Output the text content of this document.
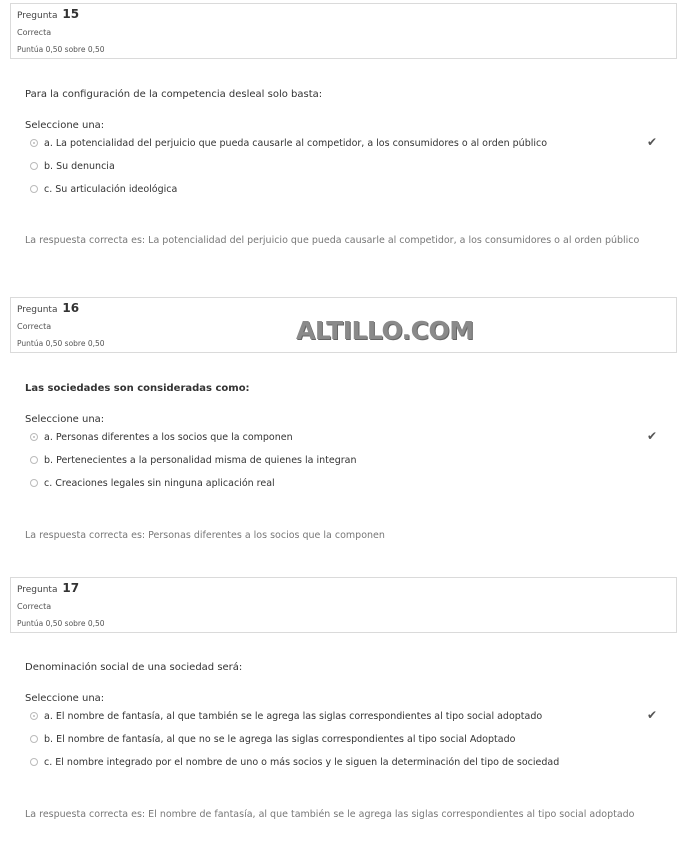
Pregunta 15
Correcta
Puntúa 0,50 sobre 0,50
Para la configuración de la competencia desleal solo basta:
Seleccione una:
a. La potencialidad del perjuicio que pueda causarle al competidor, a los consumidores o al orden público	✔
b. Su denuncia
c. Su articulación ideológica
La respuesta correcta es: La potencialidad del perjuicio que pueda causarle al competidor, a los consumidores o al orden público
Pregunta 16
Correcta
Puntúa 0,50 sobre 0,50
Las sociedades son consideradas como:
Seleccione una:
a. Personas diferentes a los socios que la componen	✔
b. Pertenecientes a la personalidad misma de quienes la integran
c. Creaciones legales sin ninguna aplicación real
La respuesta correcta es: Personas diferentes a los socios que la componen
Pregunta 17
Correcta
Puntúa 0,50 sobre 0,50
Denominación social de una sociedad será:
Seleccione una:
a. El nombre de fantasía, al que también se le agrega las siglas correspondientes al tipo social adoptado	✔
b. El nombre de fantasía, al que no se le agrega las siglas correspondientes al tipo social Adoptado
c. El nombre integrado por el nombre de uno o más socios y le siguen la determinación del tipo de sociedad
La respuesta correcta es: El nombre de fantasía, al que también se le agrega las siglas correspondientes al tipo social adoptado
ALTILLO.COM
